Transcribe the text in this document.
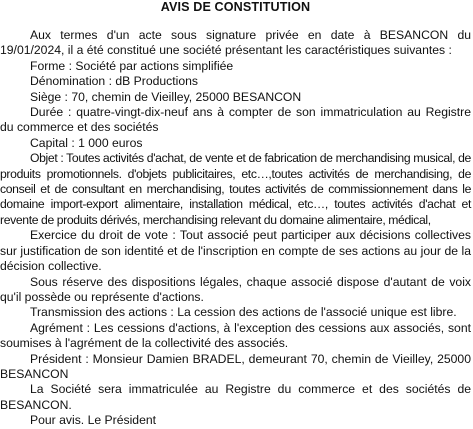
AVIS DE CONSTITUTION

Aux termes d'un acte sous signature privée en date à BESANCON du 19/01/2024, il a été constitué une société présentant les caractéristiques suivantes :

Forme : Société par actions simplifiée

Dénomination : dB Productions

Siège : 70, chemin de Vieilley, 25000 BESANCON

Durée : quatre-vingt-dix-neuf ans à compter de son immatriculation au Registre du commerce et des sociétés

Capital : 1 000 euros

Objet : Toutes activités d'achat, de vente et de fabrication de merchandising musical, de produits promotionnels. d'objets publicitaires, etc…,toutes activités de merchandising, de conseil et de consultant en merchandising, toutes activités de commissionnement dans le domaine import-export alimentaire, installation médical, etc…, toutes activités d'achat et revente de produits dérivés, merchandising relevant du domaine alimentaire, médical,

Exercice du droit de vote : Tout associé peut participer aux décisions collectives sur justification de son identité et de l'inscription en compte de ses actions au jour de la décision collective.

Sous réserve des dispositions légales, chaque associé dispose d'autant de voix qu'il possède ou représente d'actions.

Transmission des actions : La cession des actions de l'associé unique est libre.

Agrément : Les cessions d'actions, à l'exception des cessions aux associés, sont soumises à l'agrément de la collectivité des associés.

Président : Monsieur Damien BRADEL, demeurant 70, chemin de Vieilley, 25000 BESANCON

La Société sera immatriculée au Registre du commerce et des sociétés de BESANCON.

Pour avis. Le Président
